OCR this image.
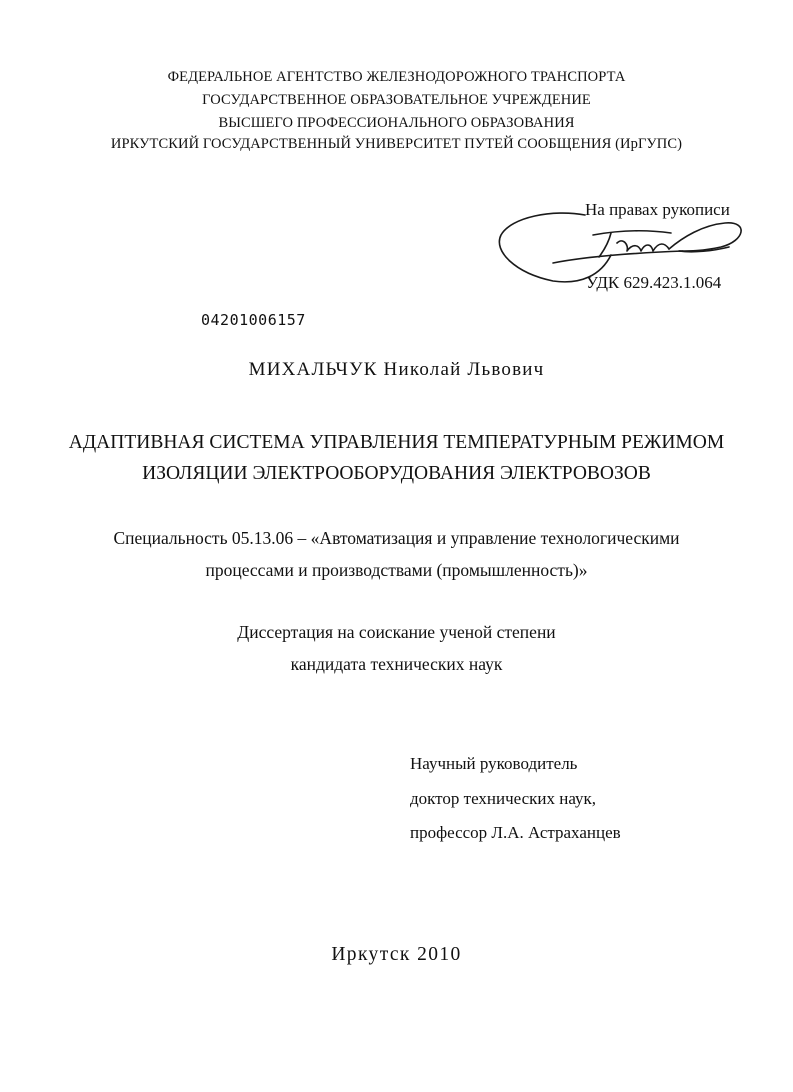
ФЕДЕРАЛЬНОЕ АГЕНТСТВО ЖЕЛЕЗНОДОРОЖНОГО ТРАНСПОРТА
ГОСУДАРСТВЕННОЕ ОБРАЗОВАТЕЛЬНОЕ УЧРЕЖДЕНИЕ
ВЫСШЕГО ПРОФЕССИОНАЛЬНОГО ОБРАЗОВАНИЯ
ИРКУТСКИЙ ГОСУДАРСТВЕННЫЙ УНИВЕРСИТЕТ ПУТЕЙ СООБЩЕНИЯ (ИрГУПС)
На правах рукописи
УДК 629.423.1.064
04201006157
МИХАЛЬЧУК Николай Львович
АДАПТИВНАЯ СИСТЕМА УПРАВЛЕНИЯ ТЕМПЕРАТУРНЫМ РЕЖИМОМ
ИЗОЛЯЦИИ ЭЛЕКТРООБОРУДОВАНИЯ ЭЛЕКТРОВОЗОВ
Специальность 05.13.06 – «Автоматизация и управление технологическими
процессами и производствами (промышленность)»
Диссертация на соискание ученой степени
кандидата технических наук
Научный руководитель
доктор технических наук,
профессор Л.А. Астраханцев
Иркутск 2010
